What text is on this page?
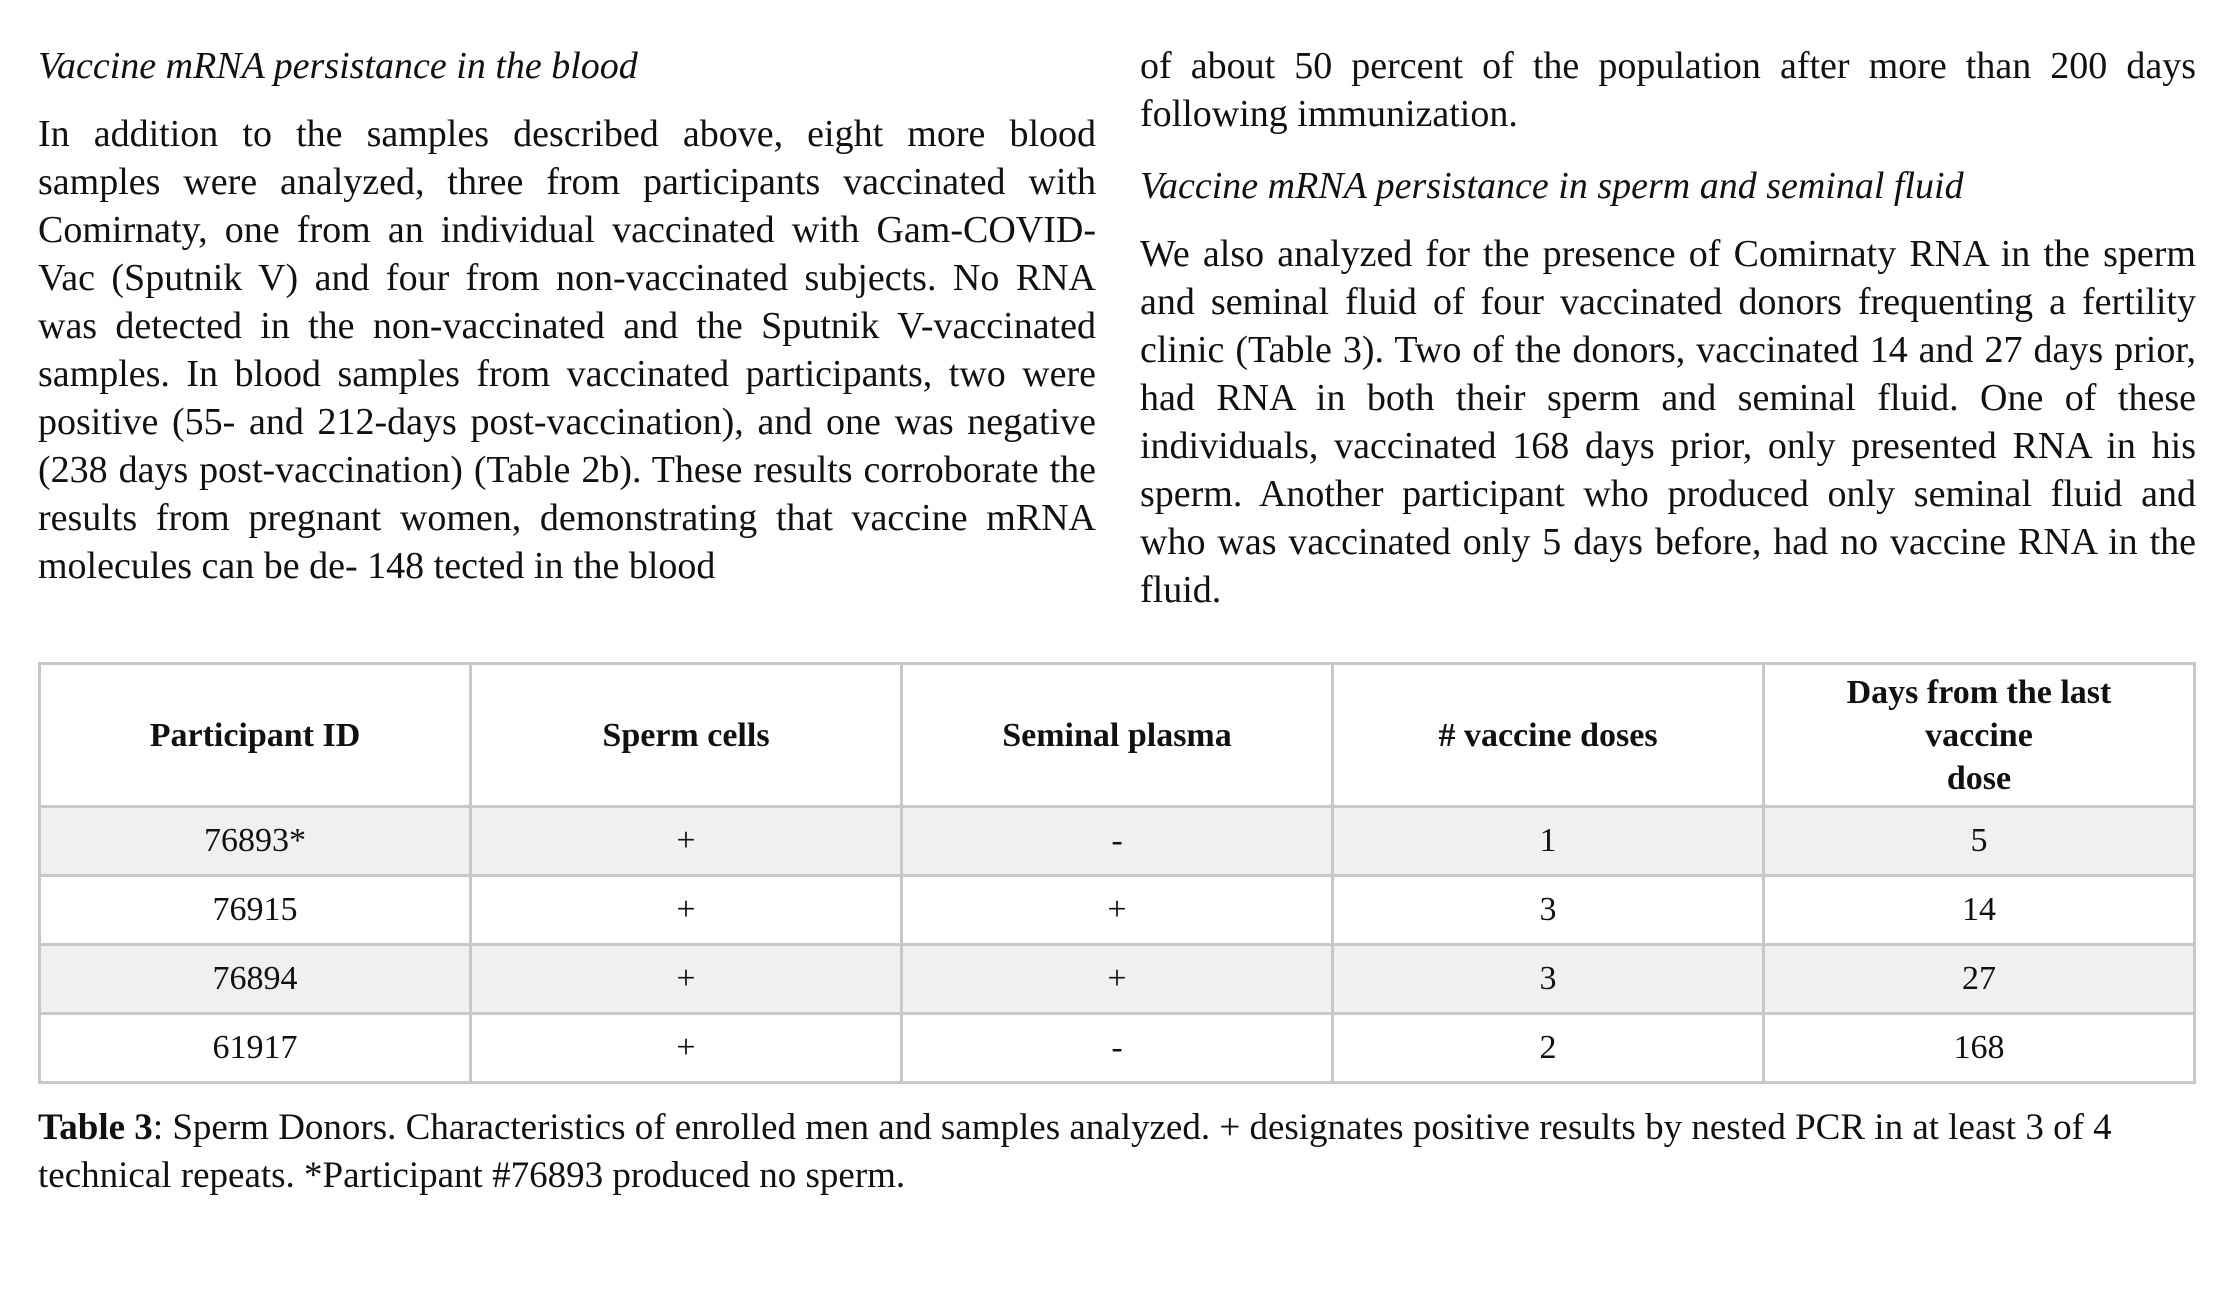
Vaccine mRNA persistance in the blood

In addition to the samples described above, eight more blood samples were analyzed, three from participants vaccinated with Comirnaty, one from an individual vaccinated with Gam-COVID-Vac (Sputnik V) and four from non-vaccinated subjects. No RNA was detected in the non-vaccinated and the Sputnik V-vaccinated samples. In blood samples from vaccinated participants, two were positive (55- and 212-days post-vaccination), and one was negative (238 days post-vaccination) (Table 2b). These results corroborate the results from pregnant women, demonstrating that vaccine mRNA molecules can be de- 148 tected in the blood

of about 50 percent of the population after more than 200 days following immunization.

Vaccine mRNA persistance in sperm and seminal fluid

We also analyzed for the presence of Comirnaty RNA in the sperm and seminal fluid of four vaccinated donors frequenting a fertility clinic (Table 3). Two of the donors, vaccinated 14 and 27 days prior, had RNA in both their sperm and seminal fluid. One of these individuals, vaccinated 168 days prior, only presented RNA in his sperm. Another participant who produced only seminal fluid and who was vaccinated only 5 days before, had no vaccine RNA in the fluid.

Participant ID	Sperm cells	Seminal plasma	# vaccine doses	Days from the last
vaccine
dose

76893*	+	-	1	5
76915	+	+	3	14
76894	+	+	3	27
61917	+	-	2	168
Table 3: Sperm Donors. Characteristics of enrolled men and samples analyzed. + designates positive results by nested PCR in at least 3 of 4 technical repeats. *Participant #76893 produced no sperm.
